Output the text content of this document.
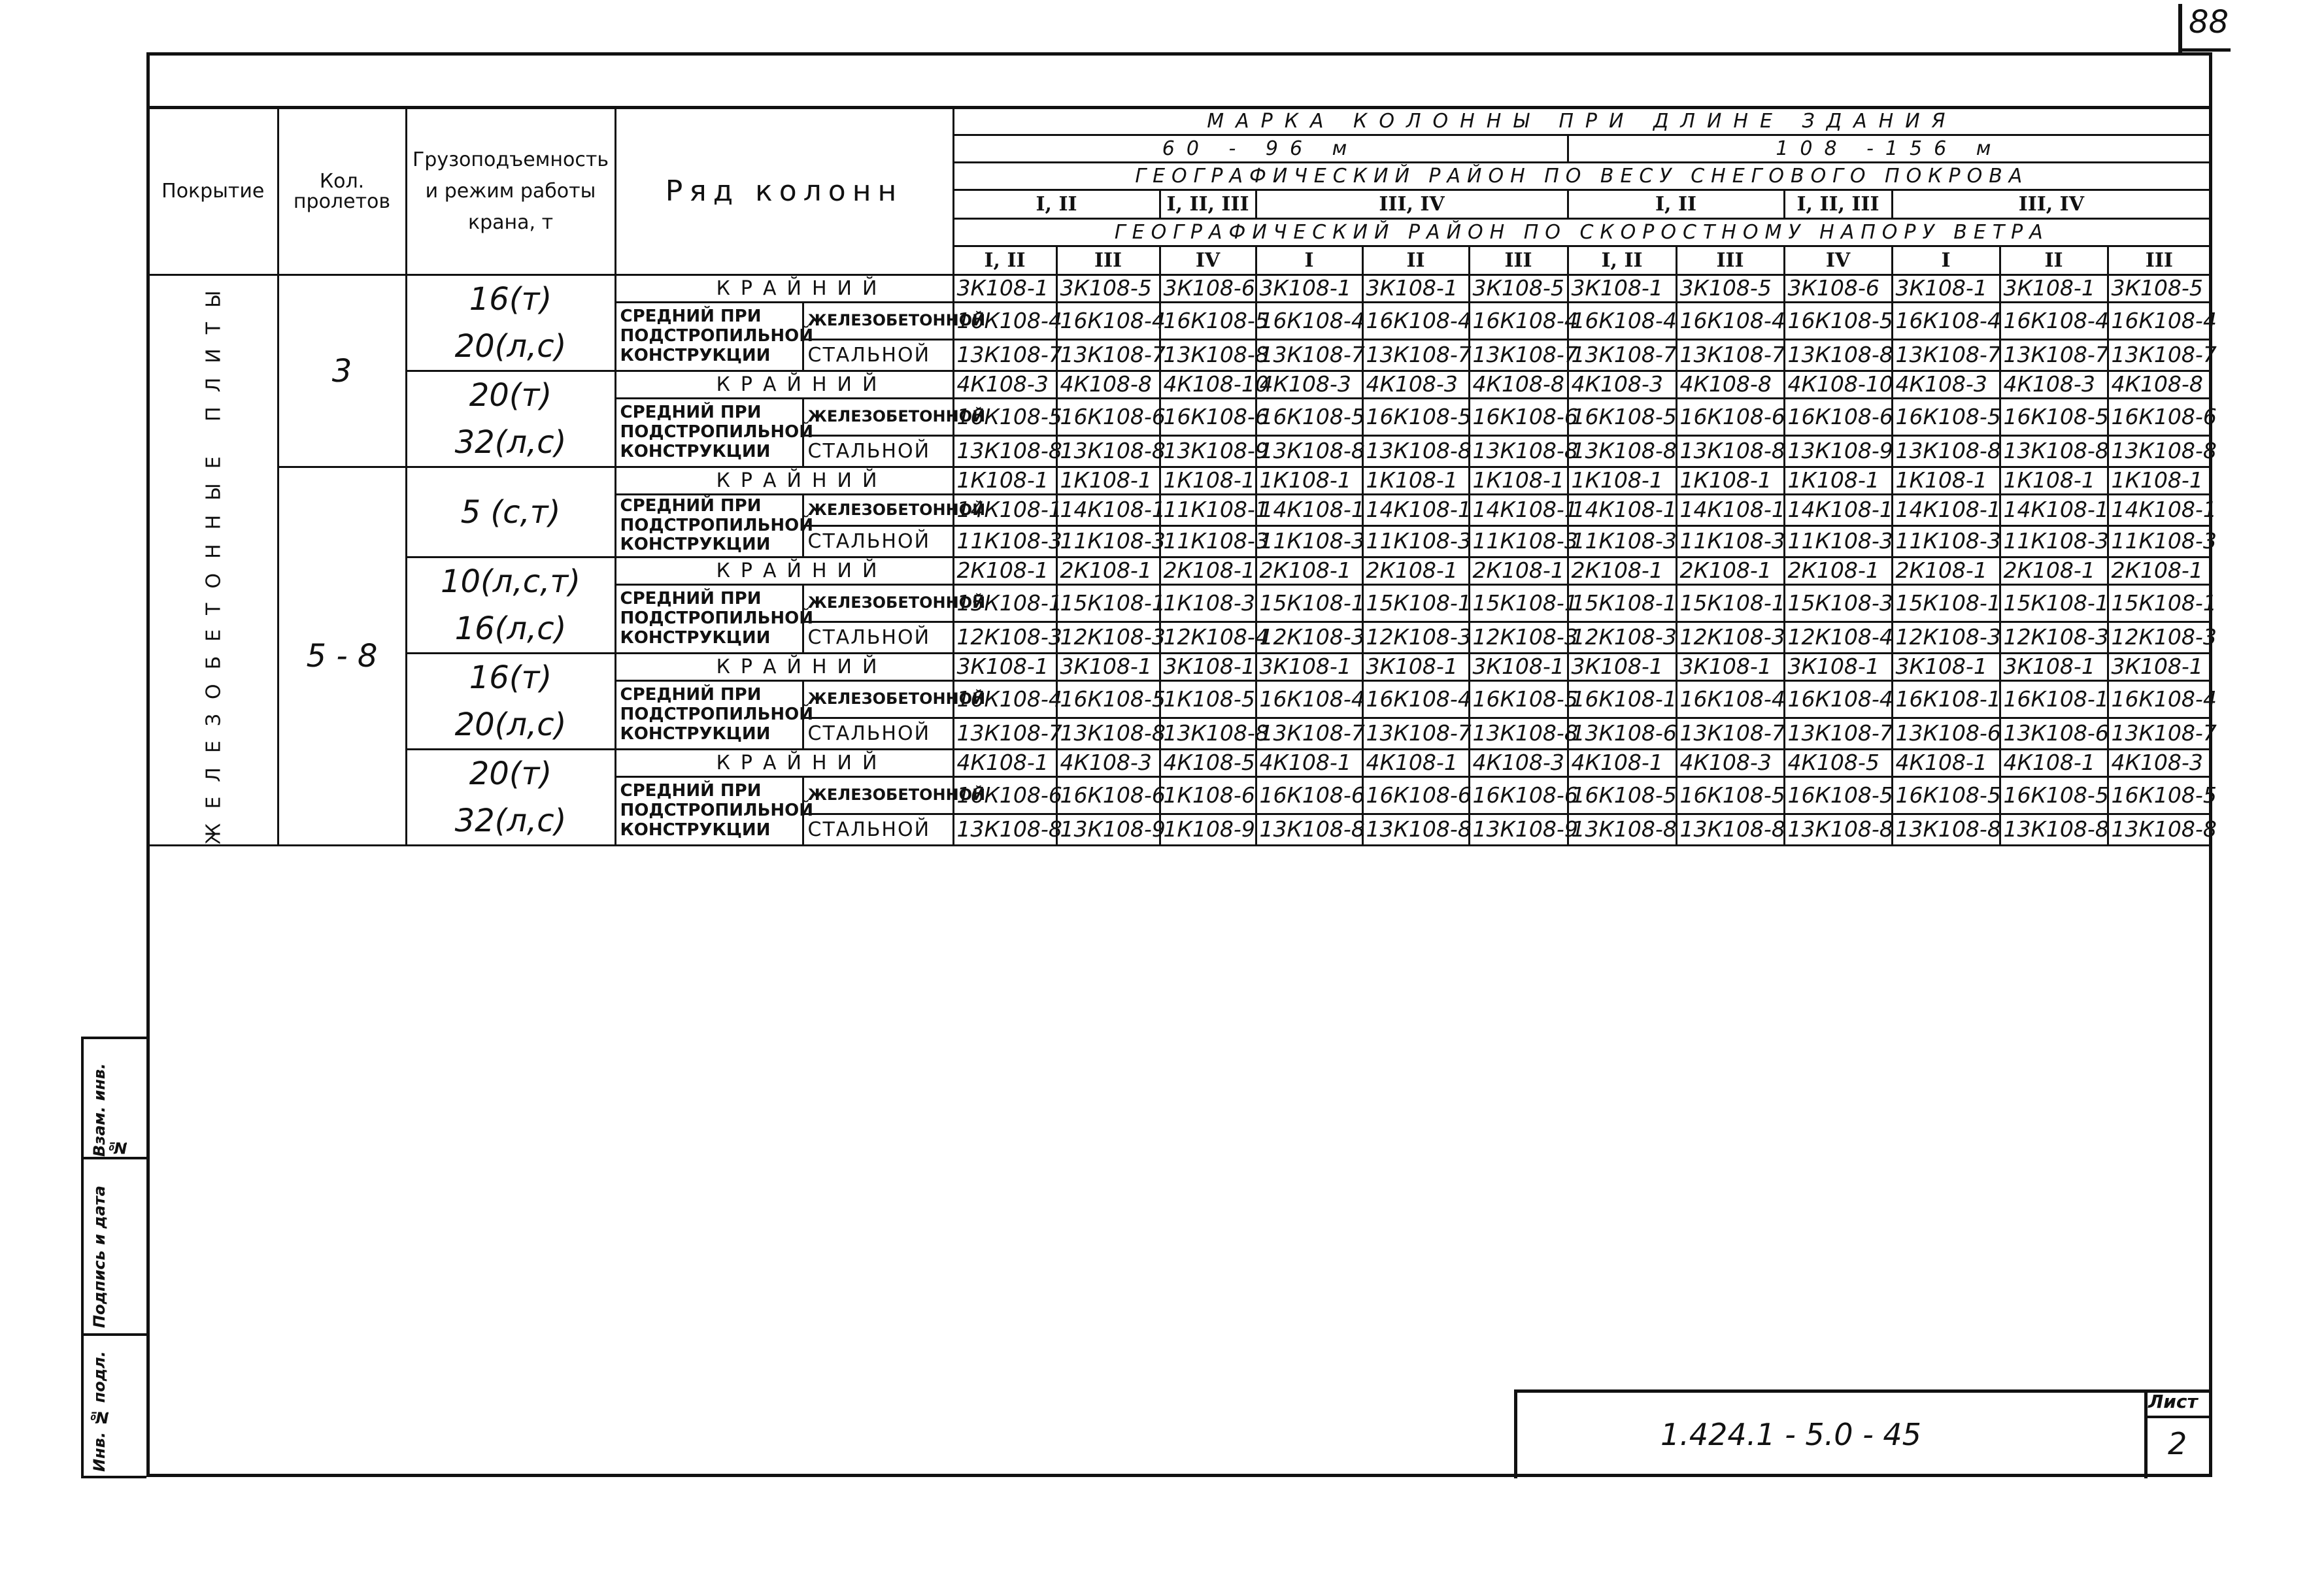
88
Покрытие	Кол. пролетов	Грузоподъемность и режим работы крана, т	Ряд колонн		МАРКА КОЛОННЫ ПРИ ДЛИНЕ ЗДАНИЯ											
					60 - 96 м						108 -156 м					
					ГЕОГРАФИЧЕСКИЙ РАЙОН ПО ВЕСУ СНЕГОВОГО ПОКРОВА											
					I, II		I, II, III	III, IV			I, II		I, II, III	III, IV		
					ГЕОГРАФИЧЕСКИЙ РАЙОН ПО СКОРОСТНОМУ НАПОРУ ВЕТРА											
					I, II	III	IV	I	II	III	I, II	III	IV	I	II	III
ЖЕЛЕЗОБЕТОННЫЕ ПЛИТЫ	3	16(т) 20(л,с)	КРАЙНИЙ		3К108-1	3К108-5	3К108-6	3К108-1	3К108-1	3К108-5	3К108-1	3К108-5	3К108-6	3К108-1	3К108-1	3К108-5
			СРЕДНИЙ ПРИ ПОДСТРОПИЛЬНОЙ КОНСТРУКЦИИ	ЖЕЛЕЗОБЕТОННОЙ	16К108-4	16К108-4	16К108-5	16К108-4	16К108-4	16К108-4	16К108-4	16К108-4	16К108-5	16К108-4	16К108-4	16К108-4
				СТАЛЬНОЙ	13К108-7	13К108-7	13К108-8	13К108-7	13К108-7	13К108-7	13К108-7	13К108-7	13К108-8	13К108-7	13К108-7	13К108-7
		20(т) 32(л,с)	КРАЙНИЙ		4К108-3	4К108-8	4К108-10	4К108-3	4К108-3	4К108-8	4К108-3	4К108-8	4К108-10	4К108-3	4К108-3	4К108-8
			СРЕДНИЙ ПРИ ПОДСТРОПИЛЬНОЙ КОНСТРУКЦИИ	ЖЕЛЕЗОБЕТОННОЙ	16К108-5	16К108-6	16К108-6	16К108-5	16К108-5	16К108-6	16К108-5	16К108-6	16К108-6	16К108-5	16К108-5	16К108-6
				СТАЛЬНОЙ	13К108-8	13К108-8	13К108-9	13К108-8	13К108-8	13К108-8	13К108-8	13К108-8	13К108-9	13К108-8	13К108-8	13К108-8
	5 - 8	5 (с,т)	КРАЙНИЙ		1К108-1	1К108-1	1К108-1	1К108-1	1К108-1	1К108-1	1К108-1	1К108-1	1К108-1	1К108-1	1К108-1	1К108-1
			СРЕДНИЙ ПРИ ПОДСТРОПИЛЬНОЙ КОНСТРУКЦИИ	ЖЕЛЕЗОБЕТОННОЙ	14К108-1	14К108-1	11К108-1	14К108-1	14К108-1	14К108-1	14К108-1	14К108-1	14К108-1	14К108-1	14К108-1	14К108-1
				СТАЛЬНОЙ	11К108-3	11К108-3	11К108-3	11К108-3	11К108-3	11К108-3	11К108-3	11К108-3	11К108-3	11К108-3	11К108-3	11К108-3
		10(л,с,т) 16(л,с)	КРАЙНИЙ		2К108-1	2К108-1	2К108-1	2К108-1	2К108-1	2К108-1	2К108-1	2К108-1	2К108-1	2К108-1	2К108-1	2К108-1
			СРЕДНИЙ ПРИ ПОДСТРОПИЛЬНОЙ КОНСТРУКЦИИ	ЖЕЛЕЗОБЕТОННОЙ	15К108-1	15К108-1	1К108-3	15К108-1	15К108-1	15К108-1	15К108-1	15К108-1	15К108-3	15К108-1	15К108-1	15К108-1
				СТАЛЬНОЙ	12К108-3	12К108-3	12К108-4	12К108-3	12К108-3	12К108-3	12К108-3	12К108-3	12К108-4	12К108-3	12К108-3	12К108-3
		16(т) 20(л,с)	КРАЙНИЙ		3К108-1	3К108-1	3К108-1	3К108-1	3К108-1	3К108-1	3К108-1	3К108-1	3К108-1	3К108-1	3К108-1	3К108-1
			СРЕДНИЙ ПРИ ПОДСТРОПИЛЬНОЙ КОНСТРУКЦИИ	ЖЕЛЕЗОБЕТОННОЙ	16К108-4	16К108-5	1К108-5	16К108-4	16К108-4	16К108-5	16К108-1	16К108-4	16К108-4	16К108-1	16К108-1	16К108-4
				СТАЛЬНОЙ	13К108-7	13К108-8	13К108-8	13К108-7	13К108-7	13К108-8	13К108-6	13К108-7	13К108-7	13К108-6	13К108-6	13К108-7
		20(т) 32(л,с)	КРАЙНИЙ		4К108-1	4К108-3	4К108-5	4К108-1	4К108-1	4К108-3	4К108-1	4К108-3	4К108-5	4К108-1	4К108-1	4К108-3
			СРЕДНИЙ ПРИ ПОДСТРОПИЛЬНОЙ КОНСТРУКЦИИ	ЖЕЛЕЗОБЕТОННОЙ	16К108-6	16К108-6	1К108-6	16К108-6	16К108-6	16К108-6	16К108-5	16К108-5	16К108-5	16К108-5	16К108-5	16К108-5
				СТАЛЬНОЙ	13К108-8	13К108-9	1К108-9	13К108-8	13К108-8	13К108-9	13К108-8	13К108-8	13К108-8	13К108-8	13К108-8	13К108-8
Взам. инв. №
Подпись и дата
Инв. № подл.	1.424.1 - 5.0 - 45
Лист
2
